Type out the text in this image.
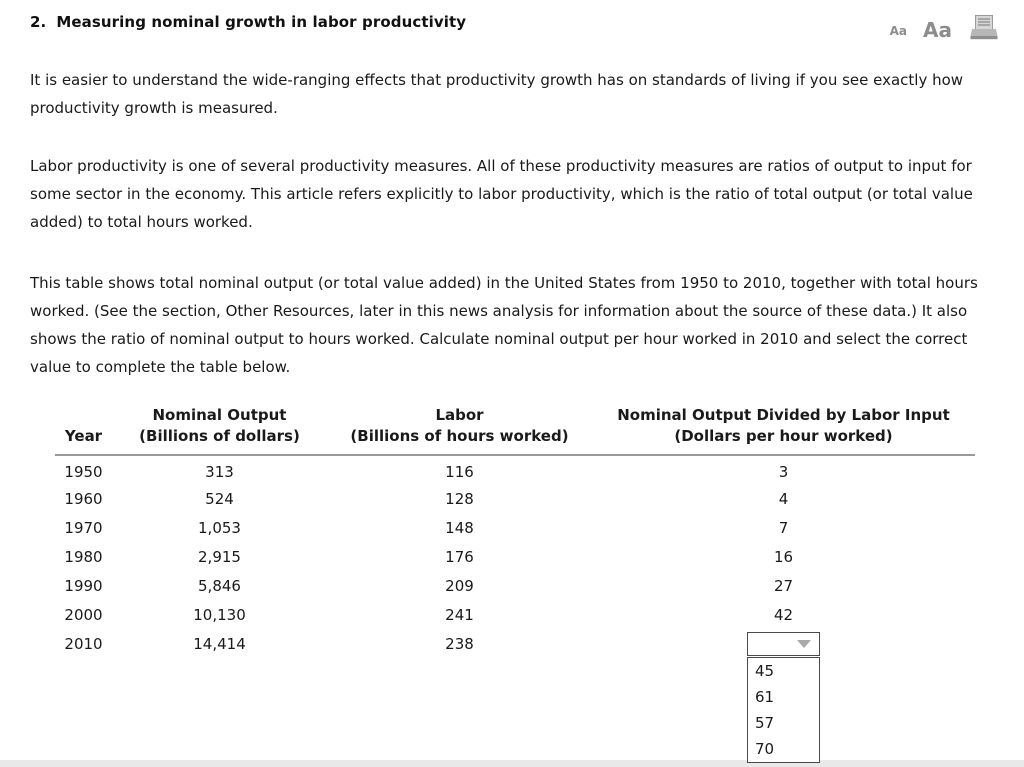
2. Measuring nominal growth in labor productivity	Aa Aa

It is easier to understand the wide-ranging effects that productivity growth has on standards of living if you see exactly how productivity growth is measured.

Labor productivity is one of several productivity measures. All of these productivity measures are ratios of output to input for some sector in the economy. This article refers explicitly to labor productivity, which is the ratio of total output (or total value added) to total hours worked.

This table shows total nominal output (or total value added) in the United States from 1950 to 2010, together with total hours worked. (See the section, Other Resources, later in this news analysis for information about the source of these data.) It also shows the ratio of nominal output to hours worked. Calculate nominal output per hour worked in 2010 and select the correct value to complete the table below.

Year

Nominal Output
(Billions of dollars)

Labor
(Billions of hours worked)

Nominal Output Divided by Labor Input
(Dollars per hour worked)

1950	313	116	3
1960	524	128	4
1970	1,053	148	7
1980	2,915	176	16
1990	5,846	209	27
2000	10,130	241	42
2010	14,414	238	45
61
57
70
